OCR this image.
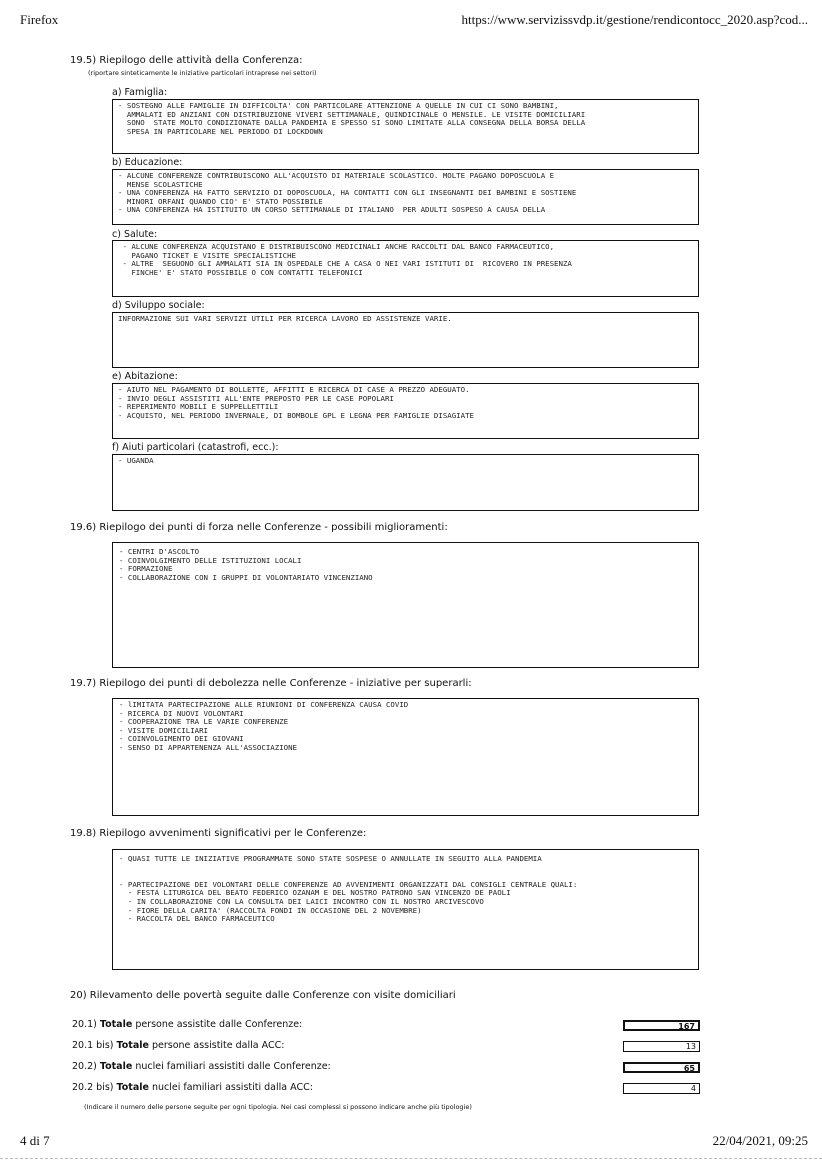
Firefox	https://www.servizissvdp.it/gestione/rendicontocc_2020.asp?cod...
19.5) Riepilogo delle attività della Conferenza:
(riportare sinteticamente le iniziative particolari intraprese nei settori)
a) Famiglia:
- SOSTEGNO ALLE FAMIGLIE IN DIFFICOLTA' CON PARTICOLARE ATTENZIONE A QUELLE IN CUI CI SONO BAMBINI,
AMMALATI ED ANZIANI CON DISTRIBUZIONE VIVERI SETTIMANALE, QUINDICINALE O MENSILE. LE VISITE DOMICILIARI
SONO  STATE MOLTO CONDIZIONATE DALLA PANDEMIA E SPESSO SI SONO LIMITATE ALLA CONSEGNA DELLA BORSA DELLA
SPESA IN PARTICOLARE NEL PERIODO DI LOCKDOWN
b) Educazione:
- ALCUNE CONFERENZE CONTRIBUISCONO ALL'ACQUISTO DI MATERIALE SCOLASTICO. MOLTE PAGANO DOPOSCUOLA E
MENSE SCOLASTICHE
- UNA CONFERENZA HA FATTO SERVIZIO DI DOPOSCUOLA, HA CONTATTI CON GLI INSEGNANTI DEI BAMBINI E SOSTIENE
MINORI ORFANI QUANDO CIO' E' STATO POSSIBILE
- UNA CONFERENZA HA ISTITUITO UN CORSO SETTIMANALE DI ITALIANO  PER ADULTI SOSPESO A CAUSA DELLA
c) Salute:
- ALCUNE CONFERENZA ACQUISTANO E DISTRIBUISCONO MEDICINALI ANCHE RACCOLTI DAL BANCO FARMACEUTICO,
PAGANO TICKET E VISITE SPECIALISTICHE
- ALTRE  SEGUONO GLI AMMALATI SIA IN OSPEDALE CHE A CASA O NEI VARI ISTITUTI DI  RICOVERO IN PRESENZA
FINCHE' E' STATO POSSIBILE O CON CONTATTI TELEFONICI
d) Sviluppo sociale:
INFORMAZIONE SUI VARI SERVIZI UTILI PER RICERCA LAVORO ED ASSISTENZE VARIE.
e) Abitazione:
- AIUTO NEL PAGAMENTO DI BOLLETTE, AFFITTI E RICERCA DI CASE A PREZZO ADEGUATO.
- INVIO DEGLI ASSISTITI ALL'ENTE PREPOSTO PER LE CASE POPOLARI
- REPERIMENTO MOBILI E SUPPELLETTILI
- ACQUISTO, NEL PERIODO INVERNALE, DI BOMBOLE GPL E LEGNA PER FAMIGLIE DISAGIATE
f) Aiuti particolari (catastrofi, ecc.):
- UGANDA
19.6) Riepilogo dei punti di forza nelle Conferenze - possibili miglioramenti:
- CENTRI D'ASCOLTO
- COINVOLGIMENTO DELLE ISTITUZIONI LOCALI
- FORMAZIONE
- COLLABORAZIONE CON I GRUPPI DI VOLONTARIATO VINCENZIANO
19.7) Riepilogo dei punti di debolezza nelle Conferenze - iniziative per superarli:
- lIMITATA PARTECIPAZIONE ALLE RIUNIONI DI CONFERENZA CAUSA COVID
- RICERCA DI NUOVI VOLONTARI
- COOPERAZIONE TRA LE VARIE CONFERENZE
- VISITE DOMICILIARI
- COINVOLGIMENTO DEI GIOVANI
- SENSO DI APPARTENENZA ALL'ASSOCIAZIONE
19.8) Riepilogo avvenimenti significativi per le Conferenze:
- QUASI TUTTE LE INIZIATIVE PROGRAMMATE SONO STATE SOSPESE O ANNULLATE IN SEGUITO ALLA PANDEMIA
- PARTECIPAZIONE DEI VOLONTARI DELLE CONFERENZE AD AVVENIMENTI ORGANIZZATI DAL CONSIGLI CENTRALE QUALI:
- FESTA LITURGICA DEL BEATO FEDERICO OZANAM E DEL NOSTRO PATRONO SAN VINCENZO DE PAOLI
- IN COLLABORAZIONE CON LA CONSULTA DEI LAICI INCONTRO CON IL NOSTRO ARCIVESCOVO
- FIORE DELLA CARITA' (RACCOLTA FONDI IN OCCASIONE DEL 2 NOVEMBRE)
- RACCOLTA DEL BANCO FARMACEUTICO
20) Rilevamento delle povertà seguite dalle Conferenze con visite domiciliari
20.1) Totale persone assistite dalle Conferenze:	167
20.1 bis) Totale persone assistite dalla ACC:	13
20.2) Totale nuclei familiari assistiti dalle Conferenze:	65
20.2 bis) Totale nuclei familiari assistiti dalla ACC:	4
(Indicare il numero delle persone seguite per ogni tipologia. Nei casi complessi si possono indicare anche più tipologie)
4 di 7	22/04/2021, 09:25
